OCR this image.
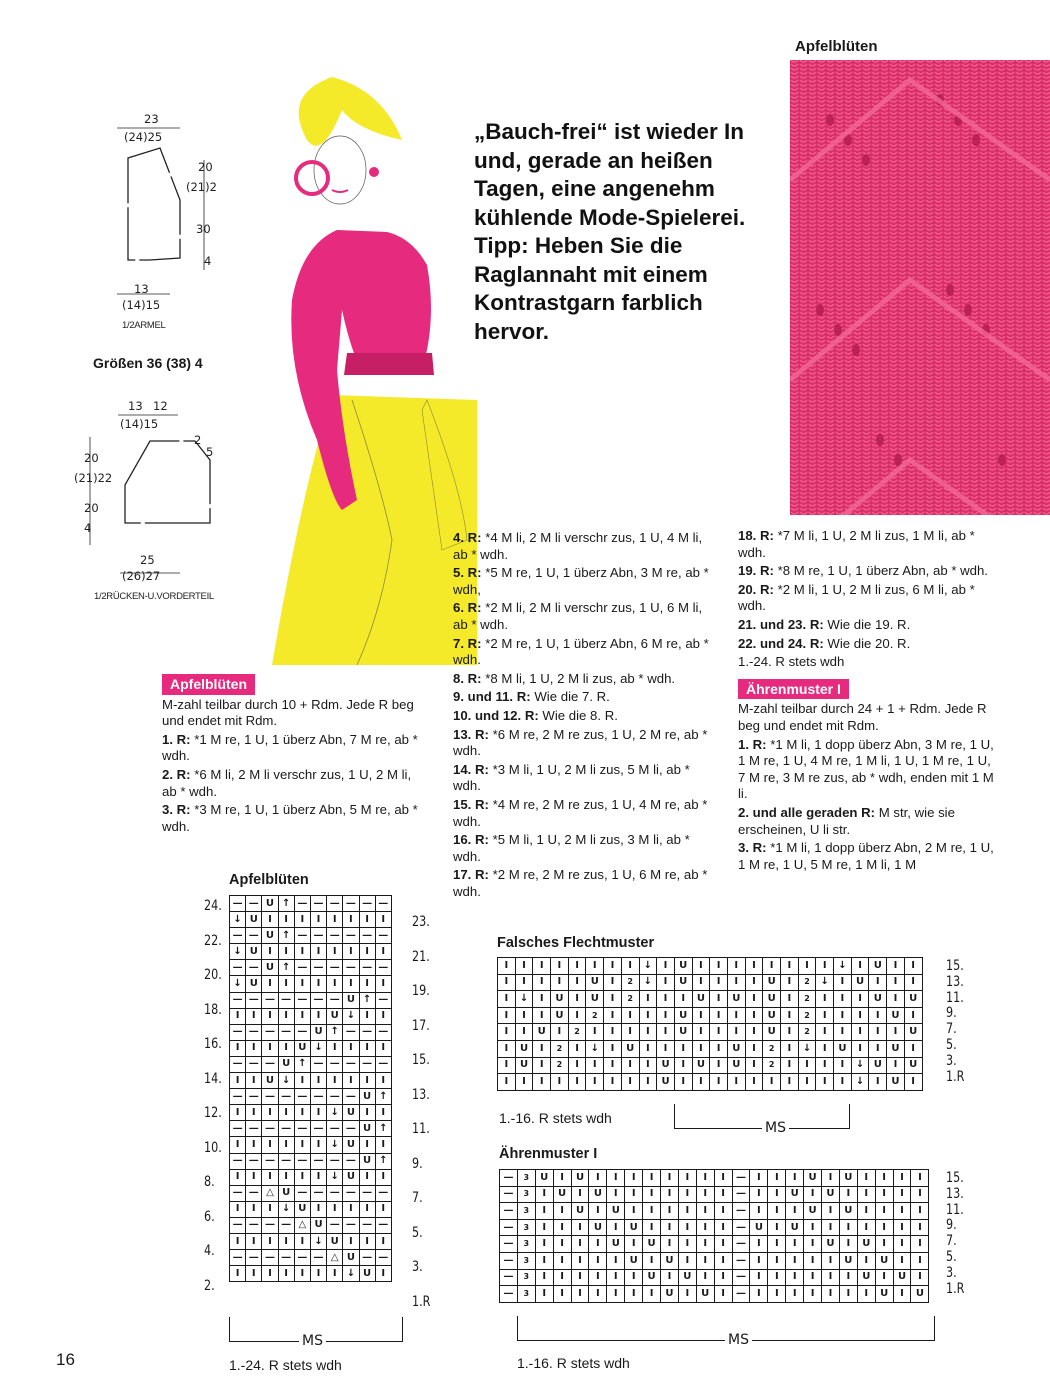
Apfelblüten
„Bauch-frei“ ist wieder In und, gerade an heißen Tagen, eine angenehm kühlende Mode-Spielerei. Tipp: Heben Sie die Raglannaht mit einem Kontrastgarn farblich hervor.
23
(24)25
20
(21)2
30
4
13
(14)15
1/2ARMEL
Größen 36 (38) 4
13
(14)15
12
2
5
20
(21)22
20
4
25
(26)27
1/2RÜCKEN-U.VORDERTEIL
Apfelblüten

M-zahl teilbar durch 10 + Rdm. Jede R beg und endet mit Rdm.

1. R: *1 M re, 1 U, 1 überz Abn, 7 M re, ab * wdh.

2. R: *6 M li, 2 M li verschr zus, 1 U, 2 M li, ab * wdh.

3. R: *3 M re, 1 U, 1 überz Abn, 5 M re, ab * wdh.

4. R: *4 M li, 2 M li verschr zus, 1 U, 4 M li, ab * wdh.

5. R: *5 M re, 1 U, 1 überz Abn, 3 M re, ab * wdh,

6. R: *2 M li, 2 M li verschr zus, 1 U, 6 M li, ab * wdh.

7. R: *2 M re, 1 U, 1 überz Abn, 6 M re, ab * wdh.

8. R: *8 M li, 1 U, 2 M li zus, ab * wdh.

9. und 11. R: Wie die 7. R.

10. und 12. R: Wie die 8. R.

13. R: *6 M re, 2 M re zus, 1 U, 2 M re, ab * wdh.

14. R: *3 M li, 1 U, 2 M li zus, 5 M li, ab * wdh.

15. R: *4 M re, 2 M re zus, 1 U, 4 M re, ab * wdh.

16. R: *5 M li, 1 U, 2 M li zus, 3 M li, ab * wdh.

17. R: *2 M re, 2 M re zus, 1 U, 6 M re, ab * wdh.

18. R: *7 M li, 1 U, 2 M li zus, 1 M li, ab * wdh.

19. R: *8 M re, 1 U, 1 überz Abn, ab * wdh.

20. R: *2 M li, 1 U, 2 M li zus, 6 M li, ab * wdh.

21. und 23. R: Wie die 19. R.

22. und 24. R: Wie die 20. R.

1.-24. R stets wdh

Ährenmuster I

M-zahl teilbar durch 24 + 1 + Rdm. Jede R beg und endet mit Rdm.

1. R: *1 M li, 1 dopp überz Abn, 3 M re, 1 U, 1 M re, 1 U, 4 M re, 1 M li, 1 U, 1 M re, 1 U, 7 M re, 3 M re zus, ab * wdh, enden mit 1 M li.

2. und alle geraden R: M str, wie sie erscheinen, U li str.

3. R: *1 M li, 1 dopp überz Abn, 2 M re, 1 U, 1 M re, 1 U, 5 M re, 1 M li, 1 M

Apfelblüten
—	—	U	↑	—	—	—	—	—	—
↓	U	I	I	I	I	I	I	I	I
—	—	U	↑	—	—	—	—	—	—
↓	U	I	I	I	I	I	I	I	I
—	—	U	↑	—	—	—	—	—	—
↓	U	I	I	I	I	I	I	I	I
—	—	—	—	—	—	—	U	↑	—
I	I	I	I	I	I	U	↓	I	I
—	—	—	—	—	U	↑	—	—	—
I	I	I	I	U	↓	I	I	I	I
—	—	—	U	↑	—	—	—	—	—
I	I	U	↓	I	I	I	I	I	I
—	—	—	—	—	—	—	—	U	↑
I	I	I	I	I	I	↓	U	I	I
—	—	—	—	—	—	—	—	U	↑
I	I	I	I	I	I	↓	U	I	I
—	—	—	—	—	—	—	—	U	↑
I	I	I	I	I	I	↓	U	I	I
—	—	△	U	—	—	—	—	—	—
I	I	I	↓	U	I	I	I	I	I
—	—	—	—	△	U	—	—	—	—
I	I	I	I	I	↓	U	I	I	I
—	—	—	—	—	—	△	U	—	—
I	I	I	I	I	I	I	↓	U	I
24.
22.
20.
18.
16.
14.
12.
10.
8.
6.
4.
2.
23.
21.
19.
17.
15.
13.
11.
9.
7.
5.
3.
1.R
MS
1.-24. R stets wdh
Falsches Flechtmuster
I	I	I	I	I	I	I	I	↓	I	U	I	I	I	I	I	I	I	I	↓	I	U	I	I
I	I	I	I	I	U	I	2	↓	I	U	I	I	I	I	U	I	2	↓	I	U	I	I	I
I	↓	I	U	I	U	I	2	I	I	I	U	I	U	I	U	I	2	I	I	I	U	I	U
I	I	I	U	I	2	I	I	I	I	U	I	I	I	I	U	I	2	I	I	I	I	U	I
I	I	U	I	2	I	I	I	I	I	U	I	I	I	I	U	I	2	I	I	I	I	I	U
I	U	I	2	I	↓	I	U	I	I	I	I	I	U	I	2	I	↓	I	U	I	I	U	I
I	U	I	2	I	I	I	I	I	U	I	U	I	U	I	2	I	I	I	I	↓	U	I	U
I	I	I	I	I	I	I	I	I	U	I	I	I	I	I	I	I	I	I	I	↓	I	U	I
15.
13.
11.
9.
7.
5.
3.
1.R
MS
1.-16. R stets wdh
Ährenmuster I
—	3	U	I	U	I	I	I	I	I	I	I	I	—	I	I	I	U	I	U	I	I	I	I
—	3	I	U	I	U	I	I	I	I	I	I	I	—	I	I	U	I	U	I	I	I	I	I
—	3	I	I	U	I	U	I	I	I	I	I	I	—	I	I	I	U	I	U	I	I	I	I
—	3	I	I	I	U	I	U	I	I	I	I	I	—	U	I	U	I	I	I	I	I	I	I
—	3	I	I	I	I	U	I	U	I	I	I	I	—	I	I	I	I	U	I	U	I	I	I
—	3	I	I	I	I	I	U	I	U	I	I	I	—	I	I	I	I	I	U	I	U	I	I
—	3	I	I	I	I	I	I	U	I	U	I	I	—	I	I	I	I	I	I	U	I	U	I
—	3	I	I	I	I	I	I	I	U	I	U	I	—	I	I	I	I	I	I	I	U	I	U
15.
13.
11.
9.
7.
5.
3.
1.R
MS
1.-16. R stets wdh
16
